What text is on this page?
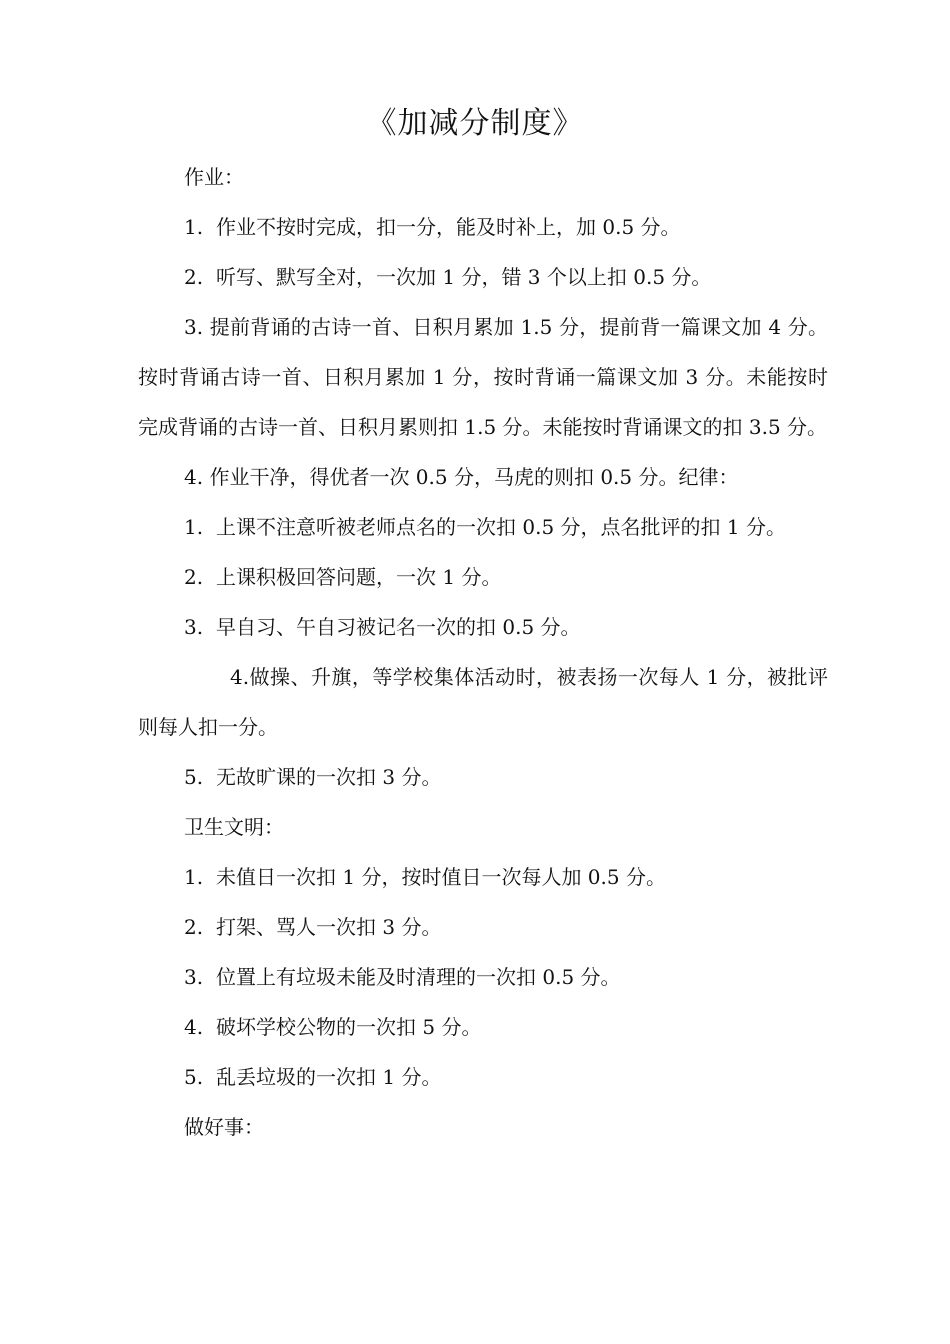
《加减分制度》
作业：
1. 作业不按时完成，扣一分，能及时补上，加 0.5 分。
2. 听写、默写全对，一次加 1 分，错 3 个以上扣 0.5 分。
3. 提前背诵的古诗一首、日积月累加 1.5 分，提前背一篇课文加 4 分。按时背诵古诗一首、日积月累加 1 分，按时背诵一篇课文加 3 分。未能按时完成背诵的古诗一首、日积月累则扣 1.5 分。未能按时背诵课文的扣 3.5 分。
4. 作业干净，得优者一次 0.5 分，马虎的则扣 0.5 分。纪律：
1. 上课不注意听被老师点名的一次扣 0.5 分，点名批评的扣 1 分。
2. 上课积极回答问题，一次 1 分。
3. 早自习、午自习被记名一次的扣 0.5 分。
4.做操、升旗，等学校集体活动时，被表扬一次每人 1 分，被批评则每人扣一分。
5. 无故旷课的一次扣 3 分。
卫生文明：
1. 未值日一次扣 1 分，按时值日一次每人加 0.5 分。
2. 打架、骂人一次扣 3 分。
3. 位置上有垃圾未能及时清理的一次扣 0.5 分。
4. 破坏学校公物的一次扣 5 分。
5. 乱丢垃圾的一次扣 1 分。
做好事：
